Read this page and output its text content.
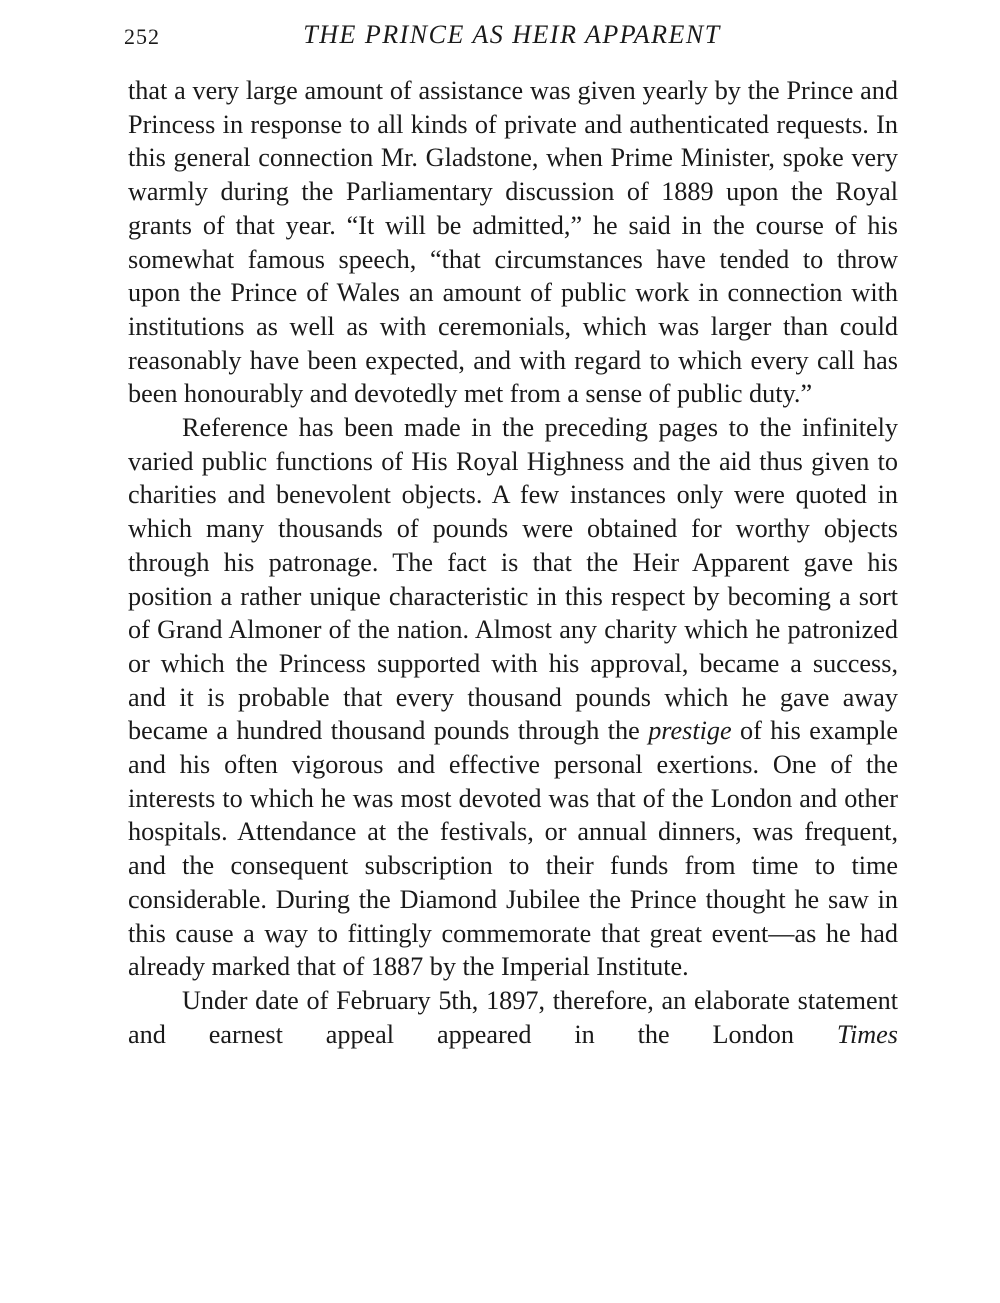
252	THE PRINCE AS HEIR APPARENT

that a very large amount of assistance was given yearly by the Prince and Princess in response to all kinds of private and authenticated requests. In this general connection Mr. Gladstone, when Prime Minister, spoke very warmly during the Parliamentary discussion of 1889 upon the Royal grants of that year. “It will be admitted,” he said in the course of his somewhat famous speech, “that circumstances have tended to throw upon the Prince of Wales an amount of public work in connection with institutions as well as with ceremonials, which was larger than could reasonably have been expected, and with regard to which every call has been honourably and devotedly met from a sense of public duty.”

Reference has been made in the preceding pages to the infinitely varied public functions of His Royal Highness and the aid thus given to charities and benevolent objects. A few instances only were quoted in which many thousands of pounds were obtained for worthy objects through his patronage. The fact is that the Heir Apparent gave his position a rather unique characteristic in this respect by becoming a sort of Grand Almoner of the nation. Almost any charity which he patronized or which the Princess supported with his approval, became a success, and it is probable that every thousand pounds which he gave away became a hundred thousand pounds through the prestige of his example and his often vigorous and effective personal exertions. One of the interests to which he was most devoted was that of the London and other hospitals. Attendance at the festivals, or annual dinners, was frequent, and the consequent subscription to their funds from time to time considerable. During the Diamond Jubilee the Prince thought he saw in this cause a way to fittingly commemorate that great event—as he had already marked that of 1887 by the Imperial Institute.

Under date of February 5th, 1897, therefore, an elaborate statement and earnest appeal appeared in the London Times
